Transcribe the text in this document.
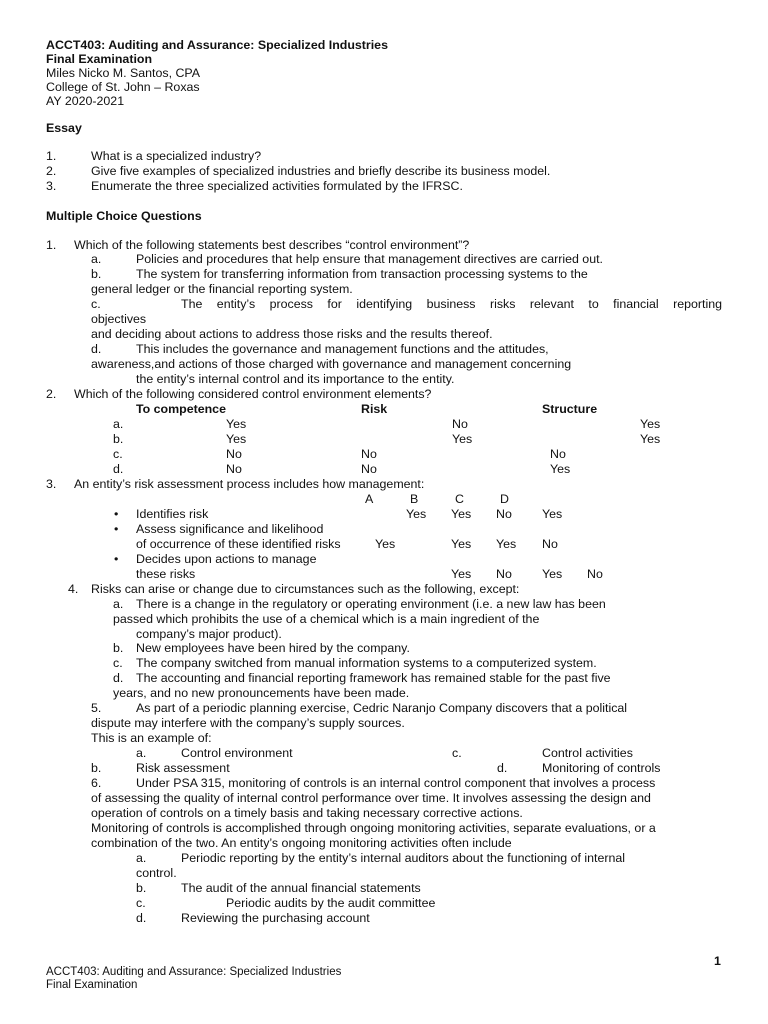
ACCT403: Auditing and Assurance: Specialized Industries
Final Examination
Miles Nicko M. Santos, CPA
College of St. John – Roxas
AY 2020-2021
Essay
1.	What is a specialized industry?
2.	Give five examples of specialized industries and briefly describe its business model.
3.	Enumerate the three specialized activities formulated by the IFRSC.
Multiple Choice Questions
1. Which of the following statements best describes “control environment”?
a.	Policies and procedures that help ensure that management directives are carried out.
b.	The system for transferring information from transaction processing systems to the
general ledger or the financial reporting system.
c.	The entity’s process for identifying business risks relevant to financial reporting
objectives
and deciding about actions to address those risks and the results thereof.
d.	This includes the governance and management functions and the attitudes,
awareness,and actions of those charged with governance and management concerning
the entity’s internal control and its importance to the entity.
2. Which of the following considered control environment elements?
To competence	Risk	Structure
a.	Yes	No	Yes
b.	Yes	Yes	Yes
c.	No	No	No
d.	No	No	Yes
3. An entity’s risk assessment process includes how management:
A	B	C	D
• Identifies risk	Yes Yes No Yes
• Assess significance and likelihood
of occurrence of these identified risks	Yes	Yes Yes No
• Decides upon actions to manage
these risks	Yes No Yes No
4. Risks can arise or change due to circumstances such as the following, except:
a. There is a change in the regulatory or operating environment (i.e. a new law has been
passed which prohibits the use of a chemical which is a main ingredient of the
company’s major product).
b. New employees have been hired by the company.
c. The company switched from manual information systems to a computerized system.
d. The accounting and financial reporting framework has remained stable for the past five
years, and no new pronouncements have been made.
5.	As part of a periodic planning exercise, Cedric Naranjo Company discovers that a political
dispute may interfere with the company’s supply sources.
This is an example of:
a.	Control environment	c.	Control activities
b.	Risk assessment	d.	Monitoring of controls
6.	Under PSA 315, monitoring of controls is an internal control component that involves a process
of assessing the quality of internal control performance over time. It involves assessing the design and
operation of controls on a timely basis and taking necessary corrective actions.
Monitoring of controls is accomplished through ongoing monitoring activities, separate evaluations, or a
combination of the two. An entity’s ongoing monitoring activities often include
a.	Periodic reporting by the entity’s internal auditors about the functioning of internal
control.
b.	The audit of the annual financial statements
c.	Periodic audits by the audit committee
d.	Reviewing the purchasing account
1
ACCT403: Auditing and Assurance: Specialized Industries
Final Examination
